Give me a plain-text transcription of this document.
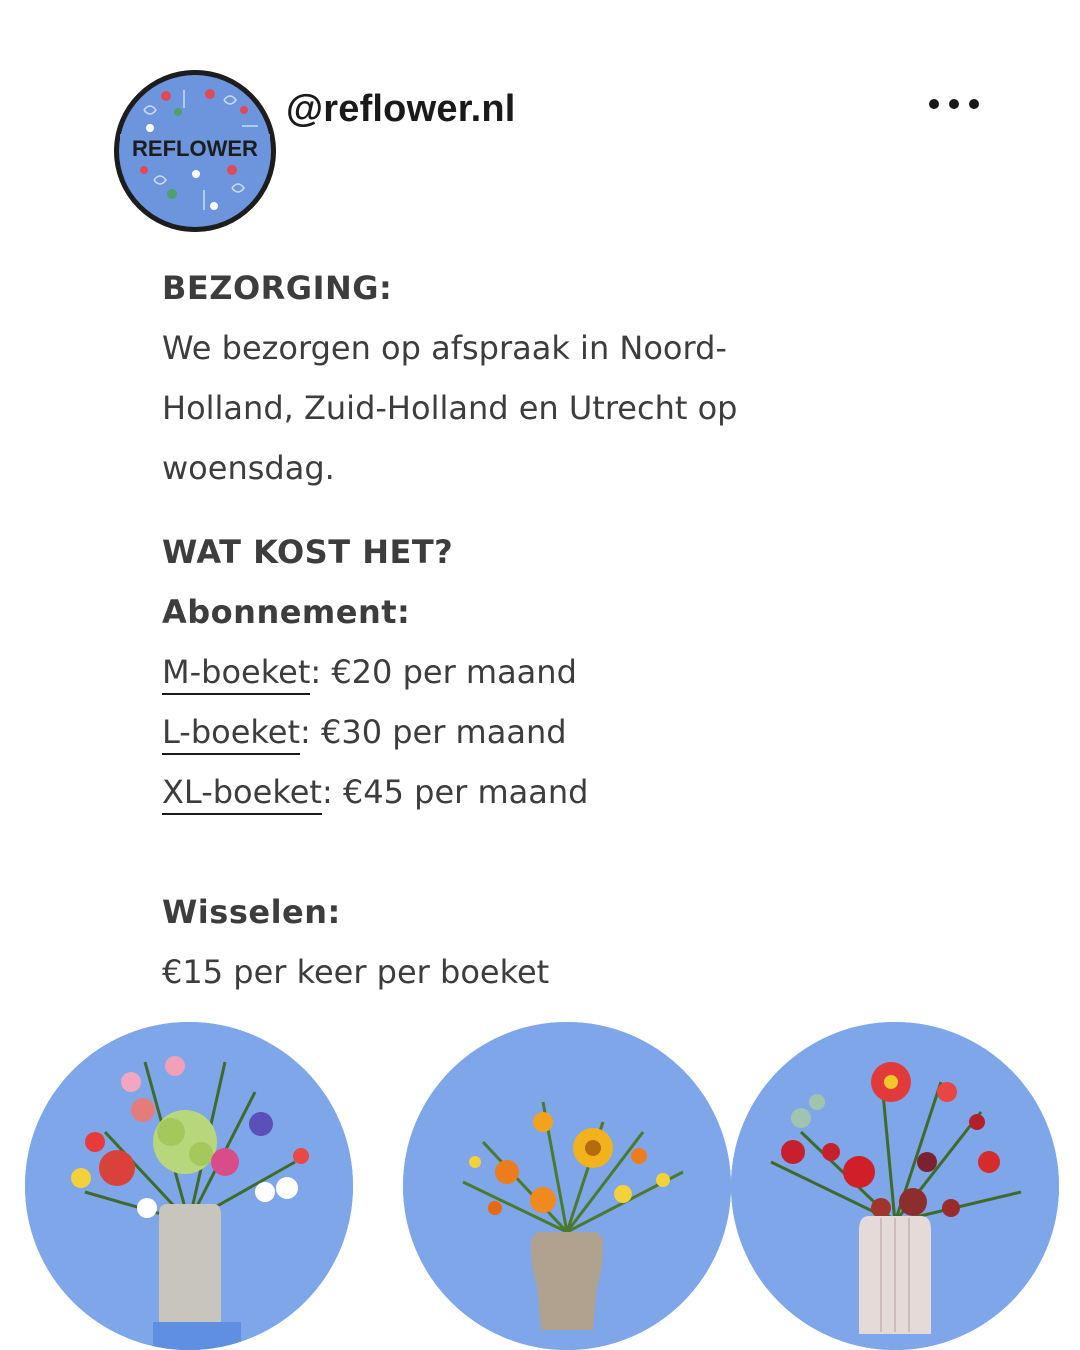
REFLOWER
@reflower.nl

BEZORGING:

We bezorgen op afspraak in Noord-

Holland, Zuid-Holland en Utrecht op

woensdag.

WAT KOST HET?

Abonnement:

M-boeket: €20 per maand

L-boeket: €30 per maand

XL-boeket: €45 per maand

Wisselen:

€15 per keer per boeket
